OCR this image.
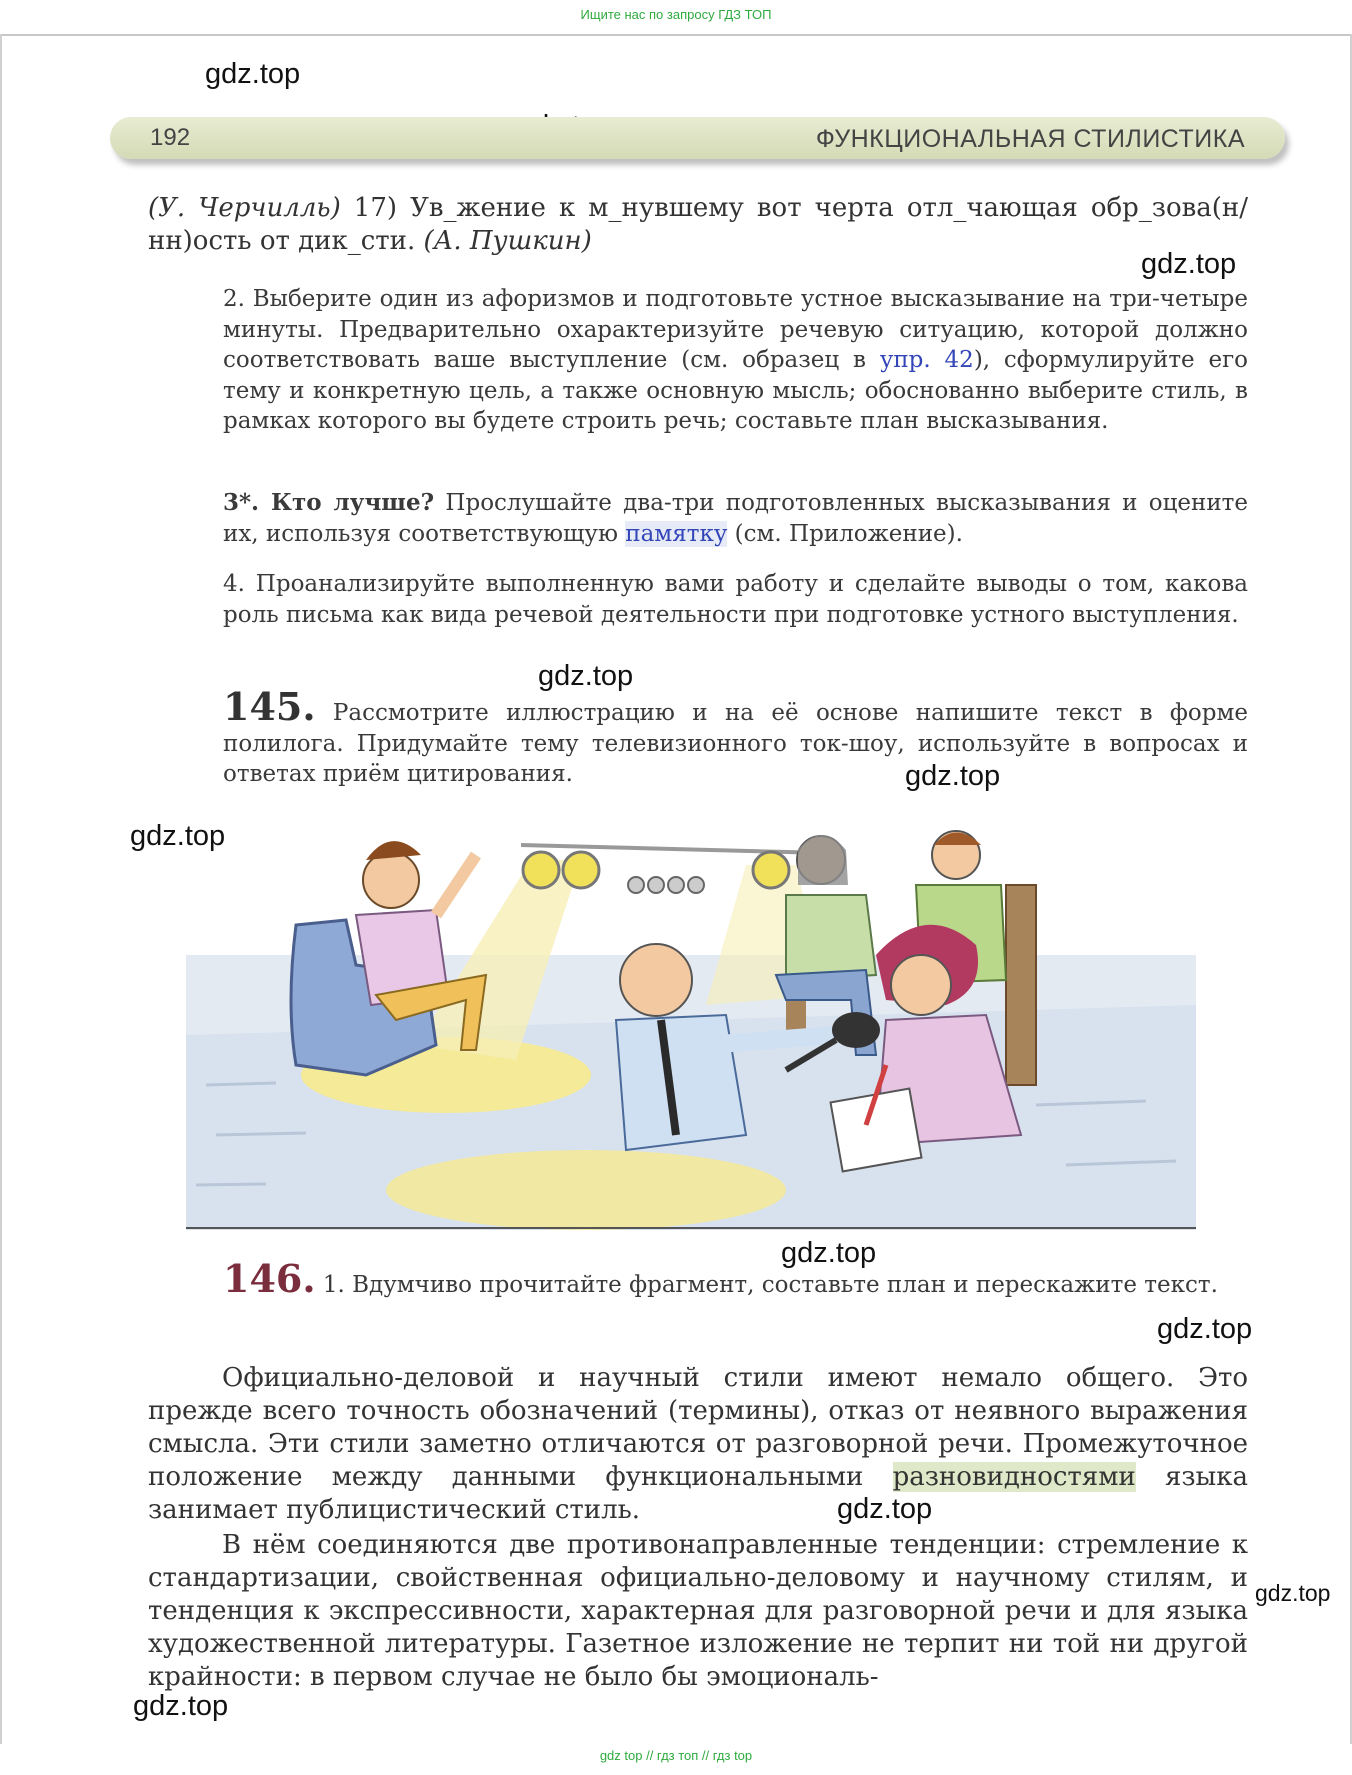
Ищите нас по запросу ГДЗ ТОП
gdz.top
gdz.top
gdz.top
gdz.top
gdz.top
gdz.top
gdz.top
gdz.top
gdz.top
gdz.top
192	ФУНКЦИОНАЛЬНАЯ СТИЛИСТИКА

(У. Черчилль) 17) Ув_жение к м_нувшему вот черта отл_чающая обр_зова(н/нн)ость от дик_сти. (А. Пушкин)

2. Выберите один из афоризмов и подготовьте устное высказывание на три-четыре минуты. Предварительно охарактеризуйте речевую ситуацию, которой должно соответствовать ваше выступление (см. образец в упр. 42), сформулируйте его тему и конкретную цель, а также основную мысль; обоснованно выберите стиль, в рамках которого вы будете строить речь; составьте план высказывания.

3*. Кто лучше? Прослушайте два-три подготовленных высказывания и оцените их, используя соответствующую памятку (см. Приложение).

4. Проанализируйте выполненную вами работу и сделайте выводы о том, какова роль письма как вида речевой деятельности при подготовке устного выступления.

145. Рассмотрите иллюстрацию и на её основе напишите текст в форме полилога. Придумайте тему телевизионного ток-шоу, используйте в вопросах и ответах приём цитирования.

146. 1. Вдумчиво прочитайте фрагмент, составьте план и перескажите текст.

Официально-деловой и научный стили имеют немало общего. Это прежде всего точность обозначений (термины), отказ от неявного выражения смысла. Эти стили заметно отличаются от разговорной речи. Промежуточное положение между данными функциональными разновидностями языка занимает публицистический стиль.

В нём соединяются две противонаправленные тенденции: стремление к стандартизации, свойственная официально-деловому и научному стилям, и тенденция к экспрессивности, характерная для разговорной речи и для языка художественной литературы. Газетное изложение не терпит ни той ни другой крайности: в первом случае не было бы эмоциональ-

gdz top // гдз топ // гдз top
